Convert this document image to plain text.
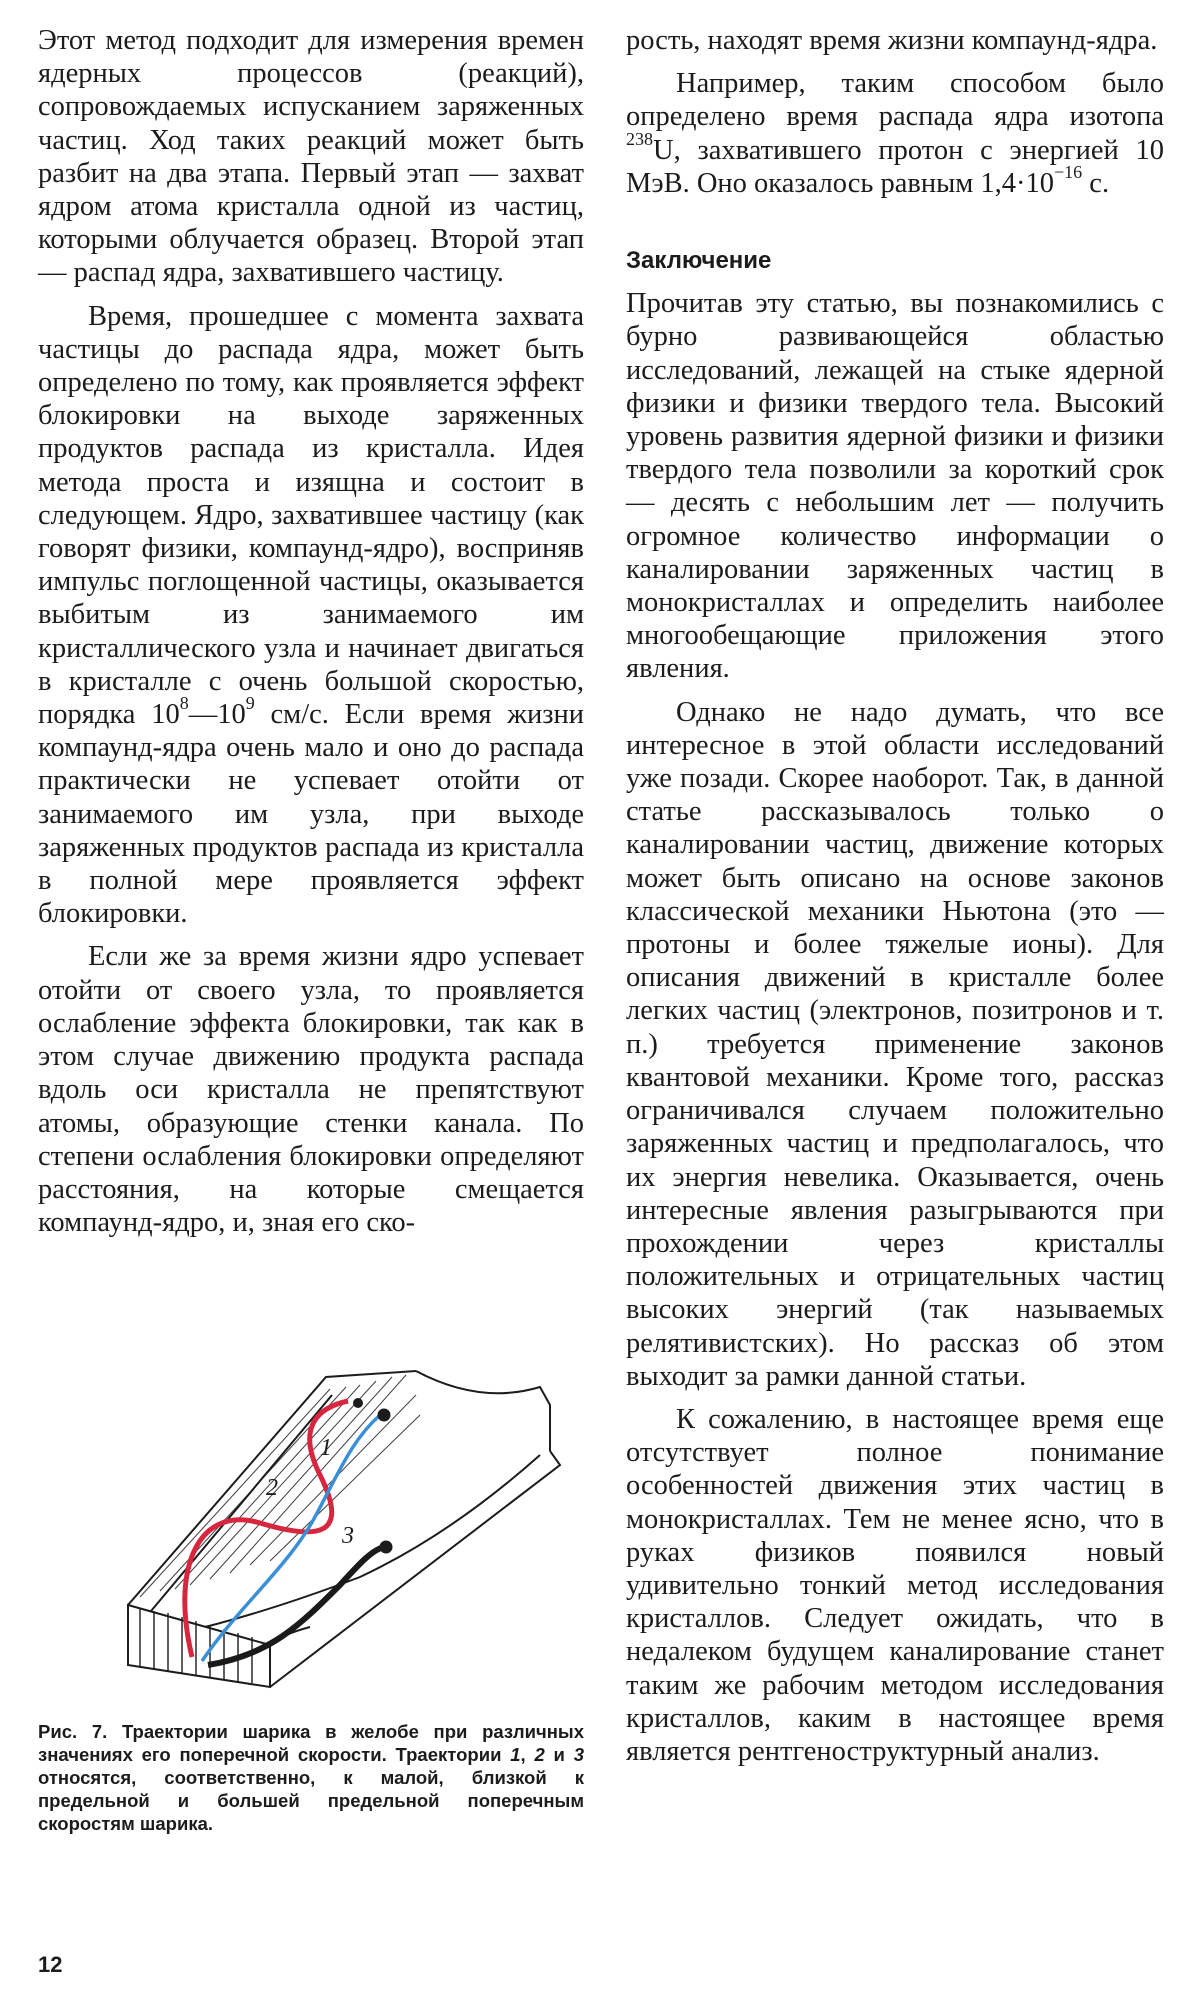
Этот метод подходит для измерения времен ядерных процессов (реакций), сопровождаемых испусканием заряженных частиц. Ход таких реакций может быть разбит на два этапа. Первый этап — захват ядром атома кристалла одной из частиц, которыми облучается образец. Второй этап — распад ядра, захватившего частицу.

Время, прошедшее с момента захвата частицы до распада ядра, может быть определено по тому, как проявляется эффект блокировки на выходе заряженных продуктов распада из кристалла. Идея метода проста и изящна и состоит в следующем. Ядро, захватившее частицу (как говорят физики, компаунд-ядро), восприняв импульс поглощенной частицы, оказывается выбитым из занимаемого им кристаллического узла и начинает двигаться в кристалле с очень большой скоростью, порядка $10^8—10^9$ см/с. Если время жизни компаунд-ядра очень мало и оно до распада практически не успевает отойти от занимаемого им узла, при выходе заряженных продуктов распада из кристалла в полной мере проявляется эффект блокировки.

Если же за время жизни ядро успевает отойти от своего узла, то проявляется ослабление эффекта блокировки, так как в этом случае движению продукта распада вдоль оси кристалла не препятствуют атомы, образующие стенки канала. По степени ослабления блокировки определяют расстояния, на которые смещается компаунд-ядро, и, зная его ско-

рость, находят время жизни компаунд-ядра.

Например, таким способом было определено время распада ядра изотопа $^{238}$U, захватившего протон с энергией 10 МэВ. Оно оказалось равным $1,4\cdot 10^{-16}$ с.

Заключение

Прочитав эту статью, вы познакомились с бурно развивающейся областью исследований, лежащей на стыке ядерной физики и физики твердого тела. Высокий уровень развития ядерной физики и физики твердого тела позволили за короткий срок — десять с небольшим лет — получить огромное количество информации о каналировании заряженных частиц в монокристаллах и определить наиболее многообещающие приложения этого явления.

Однако не надо думать, что все интересное в этой области исследований уже позади. Скорее наоборот. Так, в данной статье рассказывалось только о каналировании частиц, движение которых может быть описано на основе законов классической механики Ньютона (это — протоны и более тяжелые ионы). Для описания движений в кристалле более легких частиц (электронов, позитронов и т. п.) требуется применение законов квантовой механики. Кроме того, рассказ ограничивался случаем положительно заряженных частиц и предполагалось, что их энергия невелика. Оказывается, очень интересные явления разыгрываются при прохождении через кристаллы положительных и отрицательных частиц высоких энергий (так называемых релятивистских). Но рассказ об этом выходит за рамки данной статьи.

К сожалению, в настоящее время еще отсутствует полное понимание особенностей движения этих частиц в монокристаллах. Тем не менее ясно, что в руках физиков появился новый удивительно тонкий метод исследования кристаллов. Следует ожидать, что в недалеком будущем каналирование станет таким же рабочим методом исследования кристаллов, каким в настоящее время является рентгеноструктурный анализ.

1
2
3
Рис. 7. Траектории шарика в желобе при различных значениях его поперечной скорости. Траектории 1, 2 и 3 относятся, соответственно, к малой, близкой к предельной и большей предельной поперечным скоростям шарика.
12
